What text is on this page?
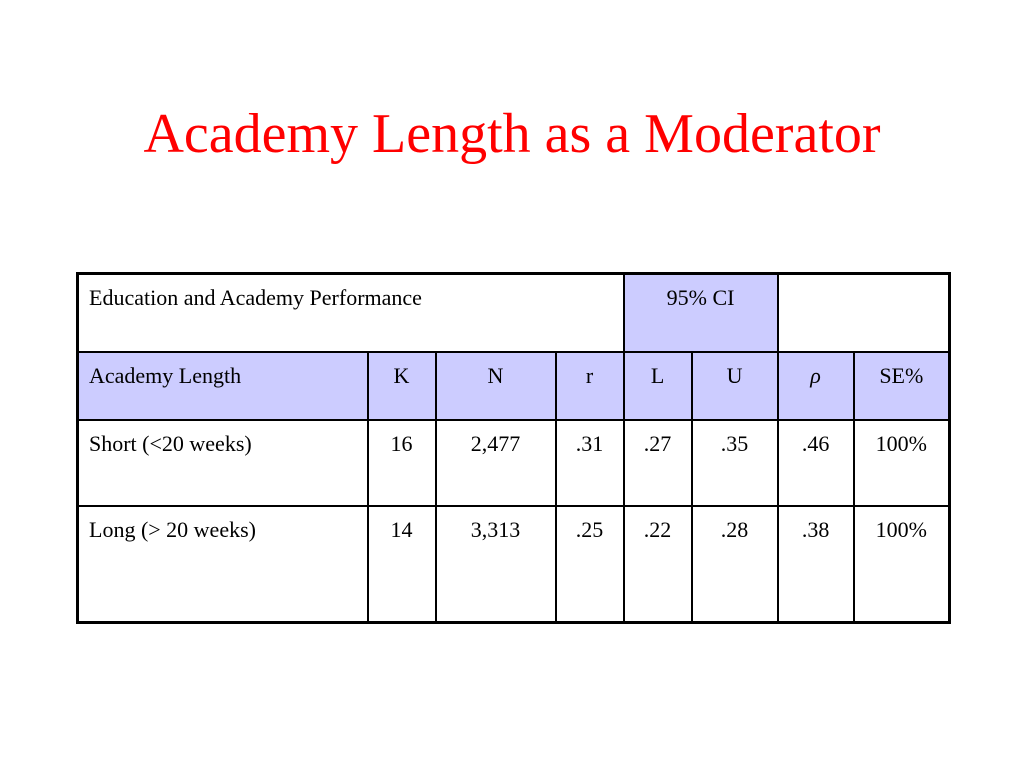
Academy Length as a Moderator
Education and Academy Performance				95% CI			
Academy Length	K	N	r	L	U	ρ	SE%
Short (<20 weeks)	16	2,477	.31	.27	.35	.46	100%
Long (> 20 weeks)	14	3,313	.25	.22	.28	.38	100%
